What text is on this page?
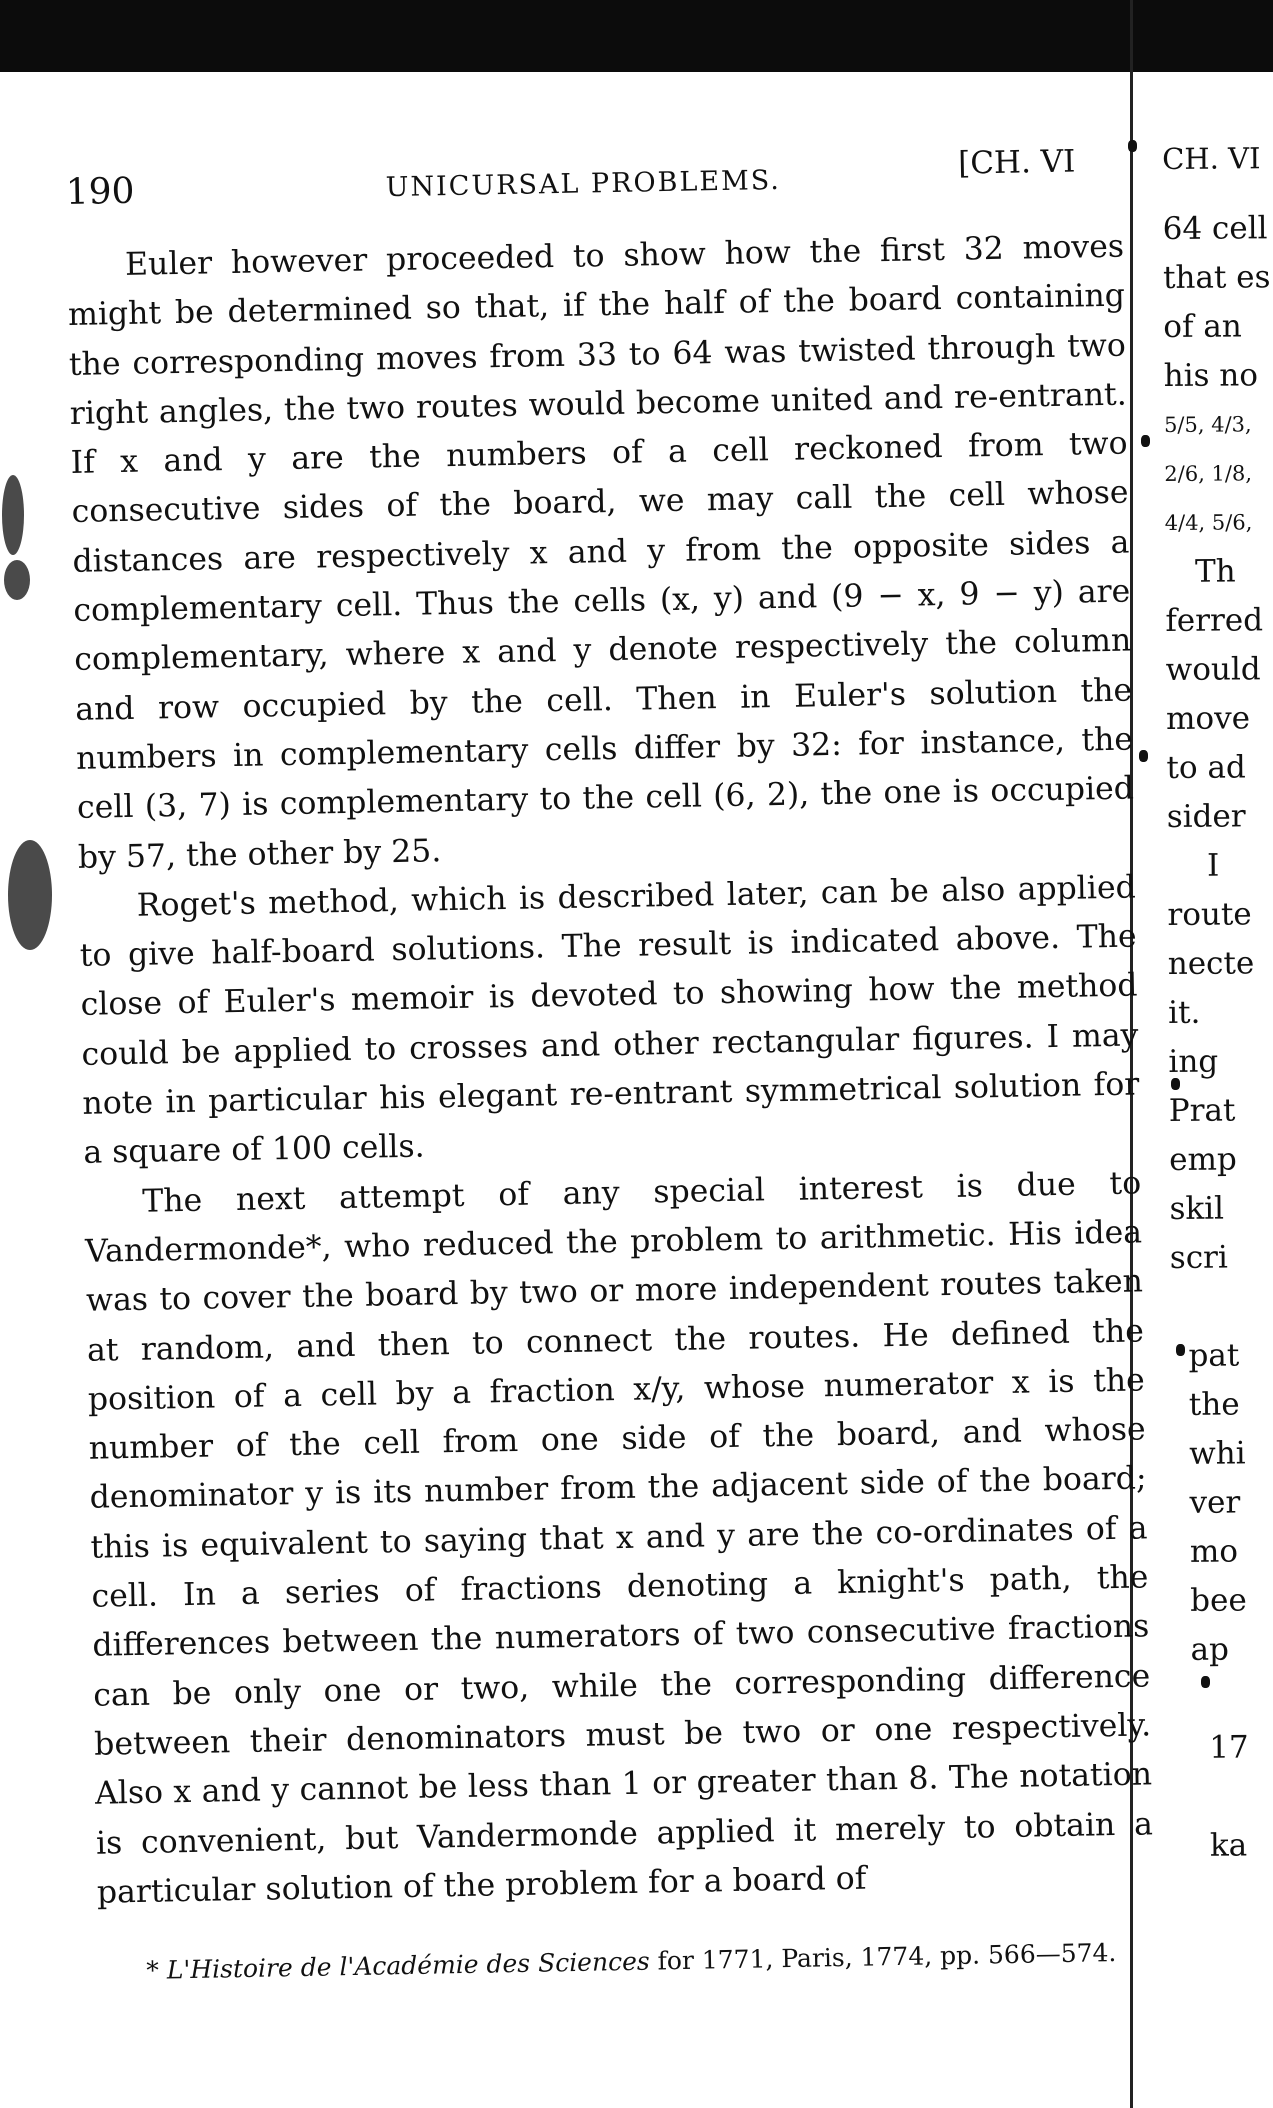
190	UNICURSAL PROBLEMS.
[CH. VI

Euler however proceeded to show how the first 32 moves might be determined so that, if the half of the board containing the corresponding moves from 33 to 64 was twisted through two right angles, the two routes would become united and re-entrant. If x and y are the numbers of a cell reckoned from two consecutive sides of the board, we may call the cell whose distances are respectively x and y from the opposite sides a complementary cell. Thus the cells (x, y) and (9 − x, 9 − y) are complementary, where x and y denote respectively the column and row occupied by the cell. Then in Euler's solution the numbers in complementary cells differ by 32: for instance, the cell (3, 7) is complementary to the cell (6, 2), the one is occupied by 57, the other by 25.

Roget's method, which is described later, can be also applied to give half-board solutions. The result is indicated above. The close of Euler's memoir is devoted to showing how the method could be applied to crosses and other rectangular figures. I may note in particular his elegant re-entrant symmetrical solution for a square of 100 cells.

The next attempt of any special interest is due to Vandermonde*, who reduced the problem to arithmetic. His idea was to cover the board by two or more independent routes taken at random, and then to connect the routes. He defined the position of a cell by a fraction x/y, whose numerator x is the number of the cell from one side of the board, and whose denominator y is its number from the adjacent side of the board; this is equivalent to saying that x and y are the co-ordinates of a cell. In a series of fractions denoting a knight's path, the differences between the numerators of two consecutive fractions can be only one or two, while the corresponding difference between their denominators must be two or one respectively. Also x and y cannot be less than 1 or greater than 8. The notation is convenient, but Vandermonde applied it merely to obtain a particular solution of the problem for a board of

* L'Histoire de l'Académie des Sciences for 1771, Paris, 1774, pp. 566—574.
CH. VI
64 cell
that es
of an
his no
5/5, 4/3,
2/6, 1/8,
4/4, 5/6,
Th
ferred
would
move
to ad
sider
I
route
necte
it.
ing
Prat
emp
skil
scri
pat
the
whi
ver
mo
bee
ap
17
ka
